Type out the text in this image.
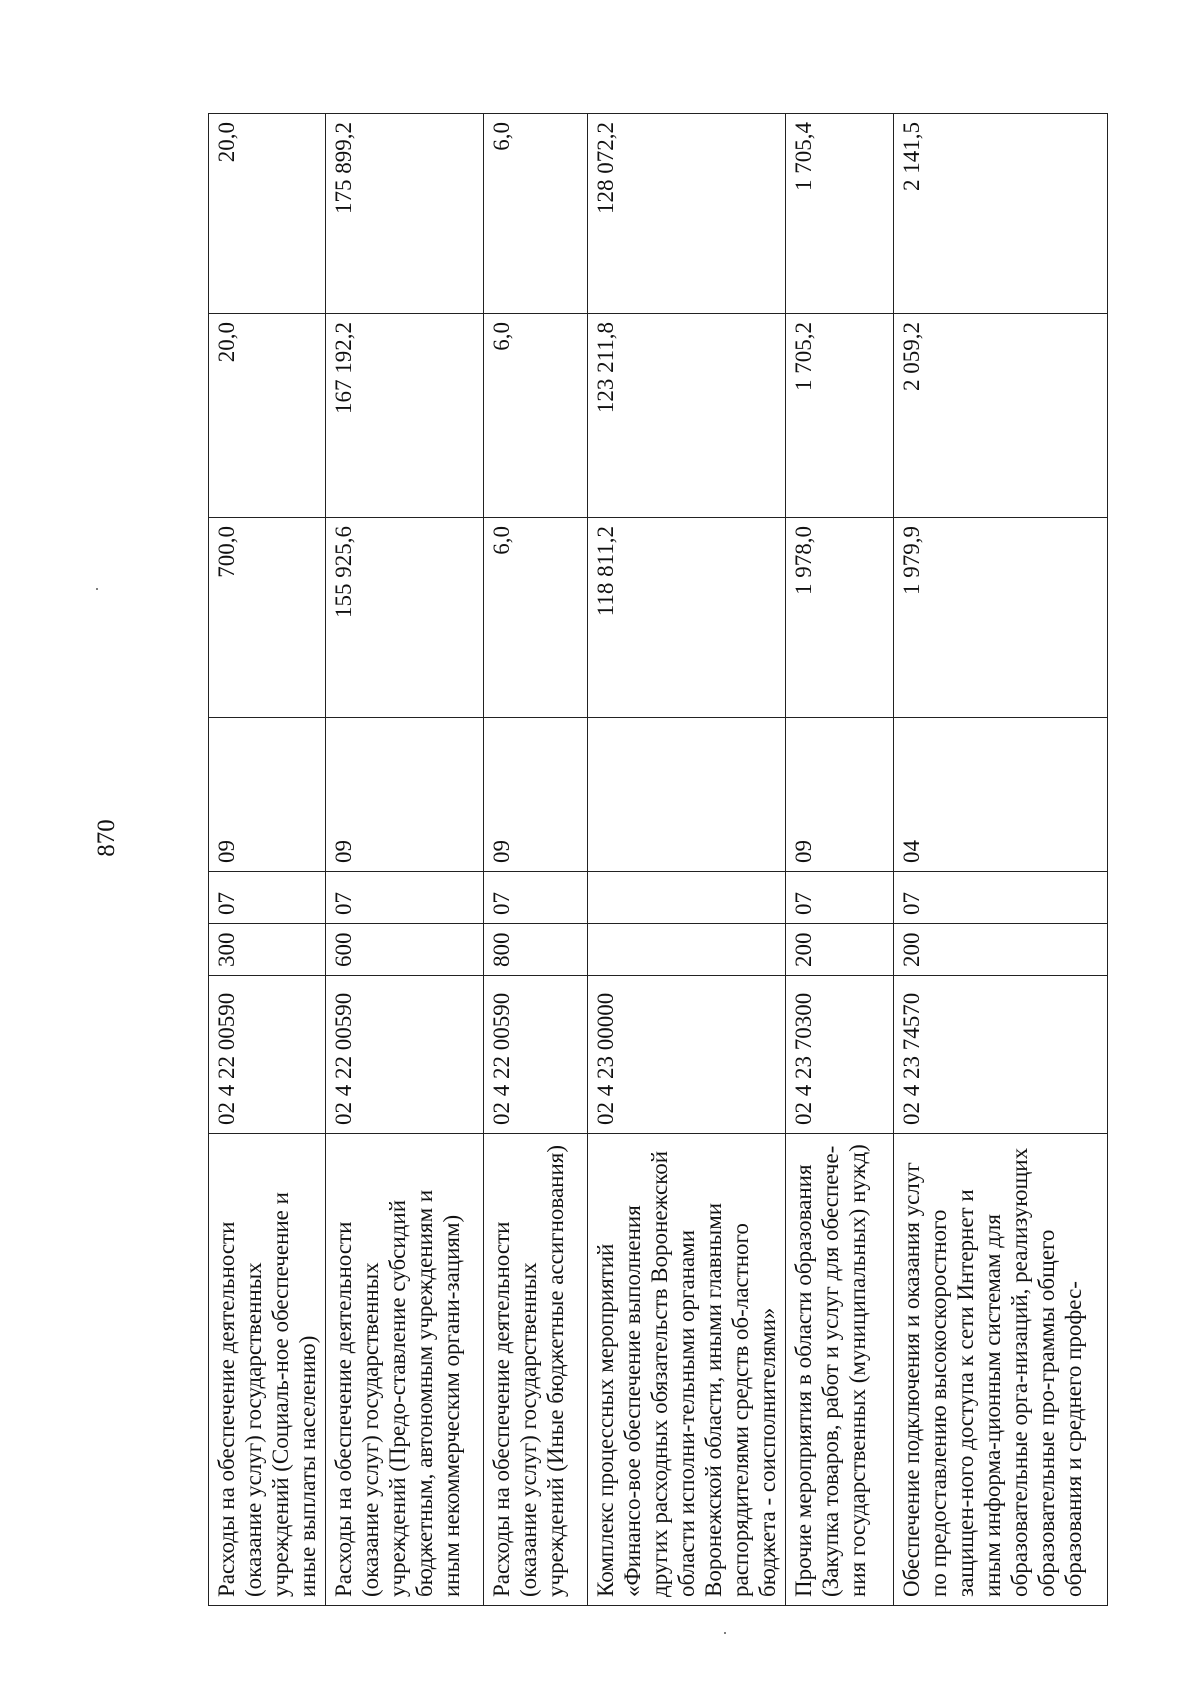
870
Расходы на обеспечение деятельности (оказание услуг) государственных учреждений (Социаль-ное обеспечение и иные выплаты населению)	02 4 22 00590	300	07	09	700,0	20,0	20,0
Расходы на обеспечение деятельности (оказание услуг) государственных учреждений (Предо-ставление субсидий бюджетным, автономным учреждениям и иным некоммерческим органи-зациям)	02 4 22 00590	600	07	09	155 925,6	167 192,2	175 899,2
Расходы на обеспечение деятельности (оказание услуг) государственных учреждений (Иные бюджетные ассигнования)	02 4 22 00590	800	07	09	6,0	6,0	6,0
Комплекс процессных мероприятий «Финансо-вое обеспечение выполнения других расходных обязательств Воронежской области исполни-тельными органами Воронежской области, иными главными распорядителями средств об-ластного бюджета - соисполнителями»	02 4 23 00000				118 811,2	123 211,8	128 072,2
Прочие мероприятия в области образования (Закупка товаров, работ и услуг для обеспече-ния государственных (муниципальных) нужд)	02 4 23 70300	200	07	09	1 978,0	1 705,2	1 705,4
Обеспечение подключения и оказания услуг по предоставлению высокоскоростного защищен-ного доступа к сети Интернет и иным информа-ционным системам для образовательные орга-низаций, реализующих образовательные про-граммы общего образования и среднего профес-	02 4 23 74570	200	07	04	1 979,9	2 059,2	2 141,5
